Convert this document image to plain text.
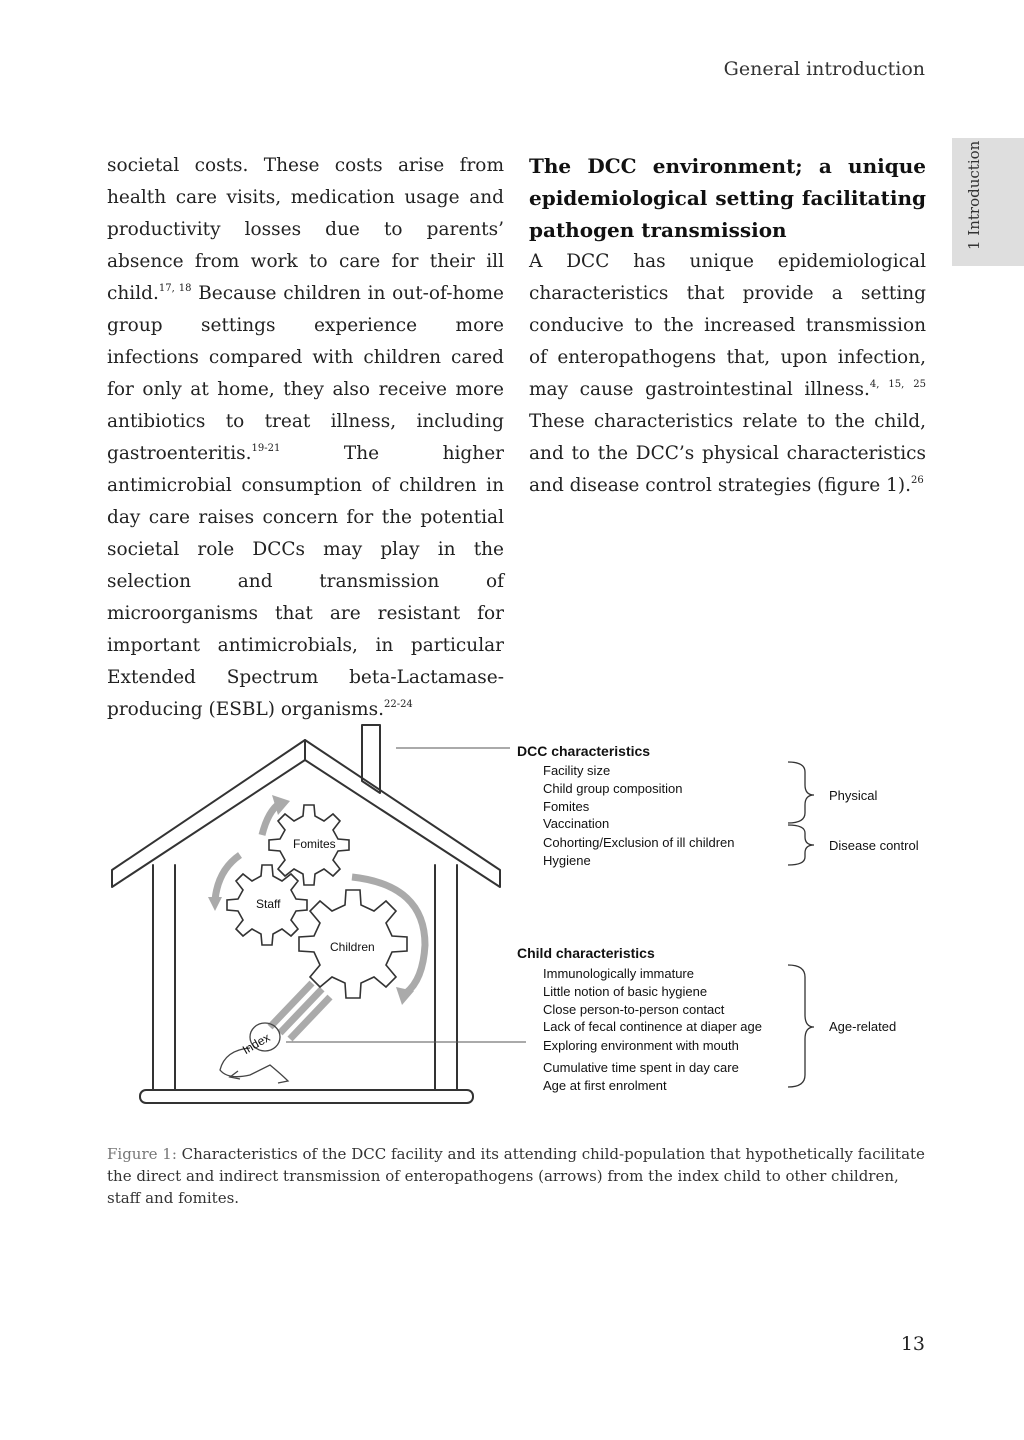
General introduction
1 Introduction

societal costs. These costs arise from health care visits, medication usage and productivity losses due to parents’ absence from work to care for their ill child.$^{17, 18}$ Because children in out-of-home group settings experience more infections compared with children cared for only at home, they also receive more antibiotics to treat illness, including gastroenteritis.$^{19-21}$ The higher antimicrobial consumption of children in day care raises concern for the potential societal role DCCs may play in the selection and transmission of microorganisms that are resistant for important antimicrobials, in particular Extended Spectrum beta-Lactamase-producing (ESBL) organisms.$^{22-24}$

The DCC environment; a unique epidemiological setting facilitating pathogen transmission

A DCC has unique epidemiological characteristics that provide a setting conducive to the increased transmission of enteropathogens that, upon infection, may cause gastrointestinal illness.$^{4, 15, 25}$ These characteristics relate to the child, and to the DCC’s physical characteristics and disease control strategies (figure 1).$^{26}$

Fomites
Staff
Children
Index
DCC characteristics
Facility size
Child group composition
Fomites
Vaccination
Cohorting/Exclusion of ill children
Hygiene
Physical
Disease control
Child characteristics
Immunologically immature
Little notion of basic hygiene
Close person-to-person contact
Lack of fecal continence at diaper age
Exploring environment with mouth
Cumulative time spent in day care
Age at first enrolment
Age-related
Figure 1: Characteristics of the DCC facility and its attending child-population that hypothetically facilitate the direct and indirect transmission of enteropathogens (arrows) from the index child to other children, staff and fomites.
13
